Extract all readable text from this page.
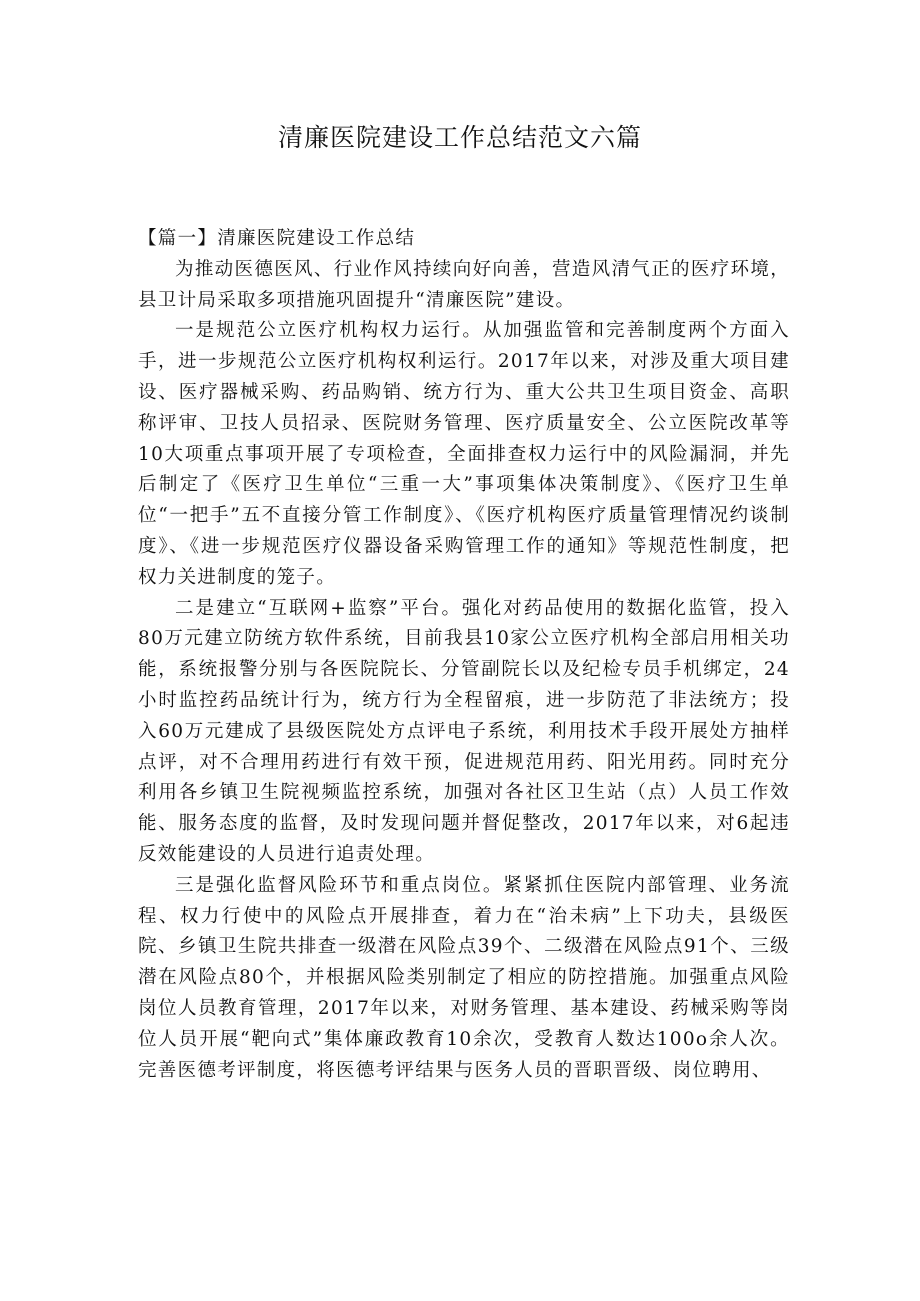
清廉医院建设工作总结范文六篇

【篇一】清廉医院建设工作总结

为推动医德医风、行业作风持续向好向善，营造风清气正的医疗环境，县卫计局采取多项措施巩固提升“清廉医院”建设。

一是规范公立医疗机构权力运行。从加强监管和完善制度两个方面入手，进一步规范公立医疗机构权利运行。2017年以来，对涉及重大项目建设、医疗器械采购、药品购销、统方行为、重大公共卫生项目资金、高职称评审、卫技人员招录、医院财务管理、医疗质量安全、公立医院改革等10大项重点事项开展了专项检查，全面排查权力运行中的风险漏洞，并先后制定了《医疗卫生单位“三重一大”事项集体决策制度》、《医疗卫生单位“一把手”五不直接分管工作制度》、《医疗机构医疗质量管理情况约谈制度》、《进一步规范医疗仪器设备采购管理工作的通知》等规范性制度，把权力关进制度的笼子。

二是建立“互联网+监察”平台。强化对药品使用的数据化监管，投入80万元建立防统方软件系统，目前我县10家公立医疗机构全部启用相关功能，系统报警分别与各医院院长、分管副院长以及纪检专员手机绑定，24小时监控药品统计行为，统方行为全程留痕，进一步防范了非法统方；投入60万元建成了县级医院处方点评电子系统，利用技术手段开展处方抽样点评，对不合理用药进行有效干预，促进规范用药、阳光用药。同时充分利用各乡镇卫生院视频监控系统，加强对各社区卫生站（点）人员工作效能、服务态度的监督，及时发现问题并督促整改，2017年以来，对6起违反效能建设的人员进行追责处理。

三是强化监督风险环节和重点岗位。紧紧抓住医院内部管理、业务流程、权力行使中的风险点开展排查，着力在“治未病”上下功夫，县级医院、乡镇卫生院共排查一级潜在风险点39个、二级潜在风险点91个、三级潜在风险点80个，并根据风险类别制定了相应的防控措施。加强重点风险岗位人员教育管理，2017年以来，对财务管理、基本建设、药械采购等岗位人员开展“靶向式”集体廉政教育10余次，受教育人数达100o余人次。完善医德考评制度，将医德考评结果与医务人员的晋职晋级、岗位聘用、
